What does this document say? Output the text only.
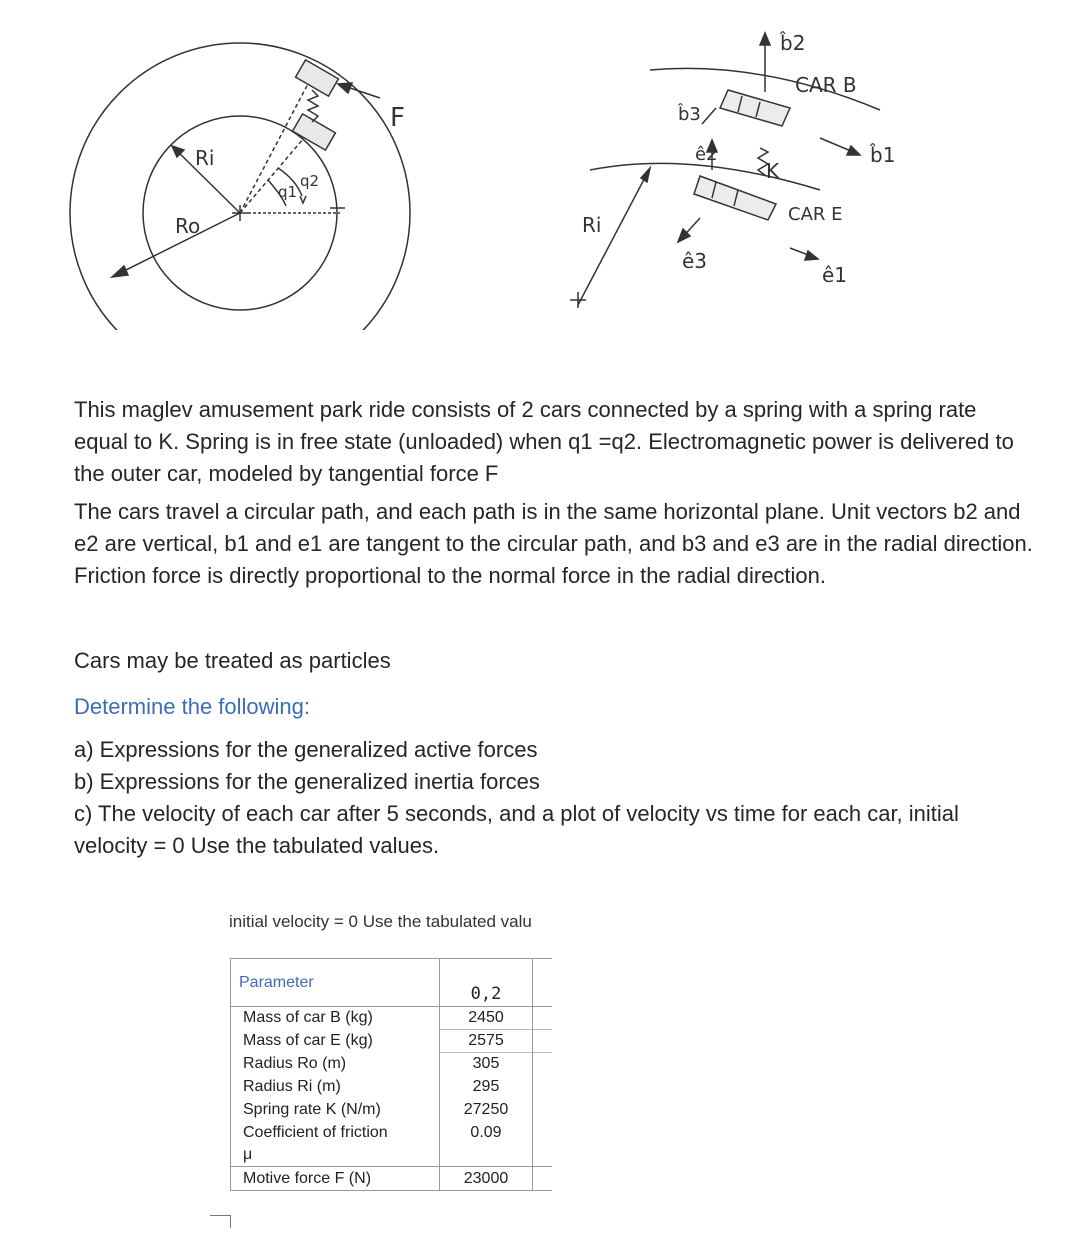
F
Ri
Ro
q2
q1
b̂2
CAR B
b̂3
b̂1
ê2
K
CAR E
ê3
ê1
Ri

This maglev amusement park ride consists of 2 cars connected by a spring with a spring rate equal to K. Spring is in free state (unloaded) when q1 =q2. Electromagnetic power is delivered to the outer car, modeled by tangential force F

The cars travel a circular path, and each path is in the same horizontal plane. Unit vectors b2 and e2 are vertical, b1 and e1 are tangent to the circular path, and b3 and e3 are in the radial direction. Friction force is directly proportional to the normal force in the radial direction.

Cars may be treated as particles

Determine the following:

a) Expressions for the generalized active forces
b) Expressions for the generalized inertia forces
c) The velocity of each car after 5 seconds, and a plot of velocity vs time for each car, initial velocity = 0 Use the tabulated values.
initial velocity = 0 Use the tabulated valu
Parameter	0,2	
Mass of car B (kg)	2450	
Mass of car E (kg)	2575	
Radius Ro (m)	305	
Radius Ri (m)	295	
Spring rate K (N/m)	27250	
Coefficient of friction	0.09	
μ		
Motive force F (N)	23000	
